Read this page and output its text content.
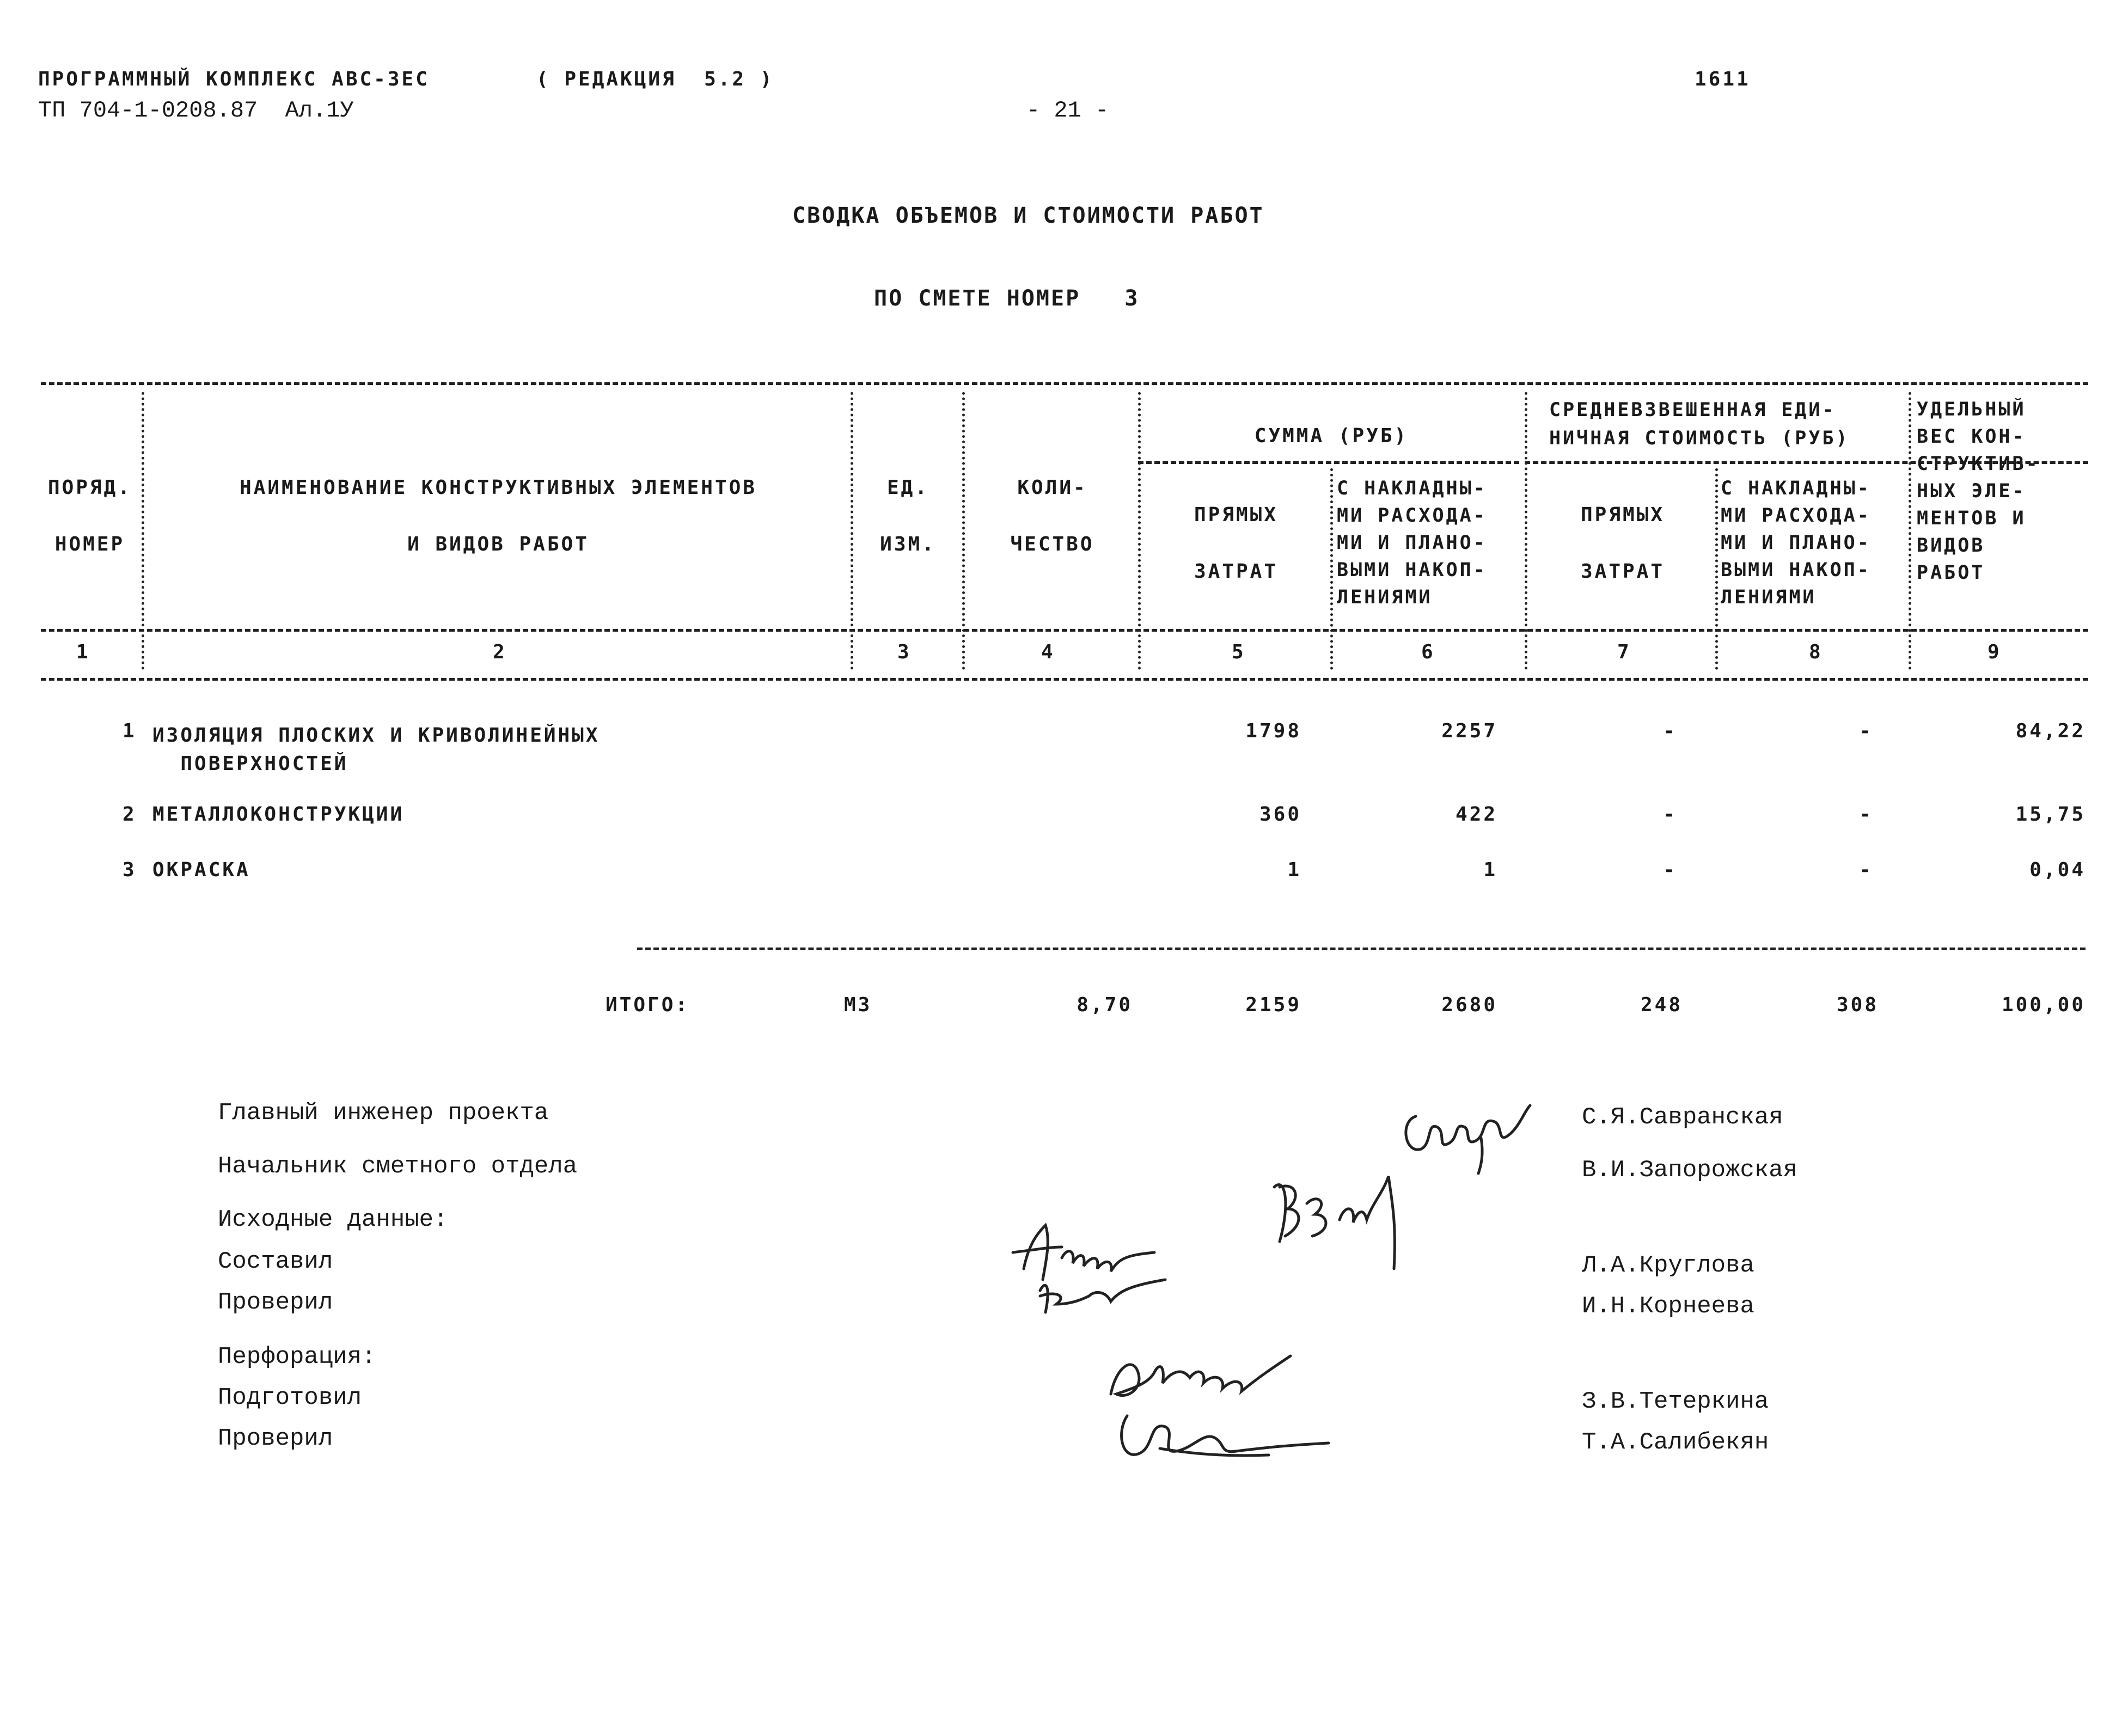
ПРОГРАММНЫЙ КОМПЛЕКС АВС-ЗЕС	( РЕДАКЦИЯ  5.2 )
ТП 704-1-0208.87  Ал.1У	- 21 -
1611
СВОДКА ОБЪЕМОВ И СТОИМОСТИ РАБОТ
ПО СМЕТЕ НОМЕР   3
ПОРЯД.

НОМЕР
НАИМЕНОВАНИЕ КОНСТРУКТИВНЫХ ЭЛЕМЕНТОВ

И ВИДОВ РАБОТ
ЕД.

ИЗМ.
КОЛИ-

ЧЕСТВО
СУММА (РУБ)
ПРЯМЫХ

ЗАТРАТ
С НАКЛАДНЫ-
МИ РАСХОДА-
МИ И ПЛАНО-
ВЫМИ НАКОП-
ЛЕНИЯМИ
СРЕДНЕВЗВЕШЕННАЯ ЕДИ-
НИЧНАЯ СТОИМОСТЬ (РУБ)
ПРЯМЫХ

ЗАТРАТ
С НАКЛАДНЫ-
МИ РАСХОДА-
МИ И ПЛАНО-
ВЫМИ НАКОП-
ЛЕНИЯМИ
УДЕЛЬНЫЙ
ВЕС КОН-
СТРУКТИВ-
НЫХ ЭЛЕ-
МЕНТОВ И
ВИДОВ
РАБОТ
1	2	3	4	5	6	7	8	9
1 ИЗОЛЯЦИЯ ПЛОСКИХ И КРИВОЛИНЕЙНЫХ
ПОВЕРХНОСТЕЙ
1798	2257	-	-	84,22
2 МЕТАЛЛОКОНСТРУКЦИИ	360	422	-	-	15,75
3 ОКРАСКА	1	1	-	-	0,04
ИТОГО:	М3	8,70	2159	2680	248	308	100,00
Главный инженер проекта
Начальник сметного отдела
Исходные данные:
Составил
Проверил
Перфорация:
Подготовил
Проверил
С.Я.Савранская
В.И.Запорожская
Л.А.Круглова
И.Н.Корнеева
З.В.Тетеркина
Т.А.Салибекян
